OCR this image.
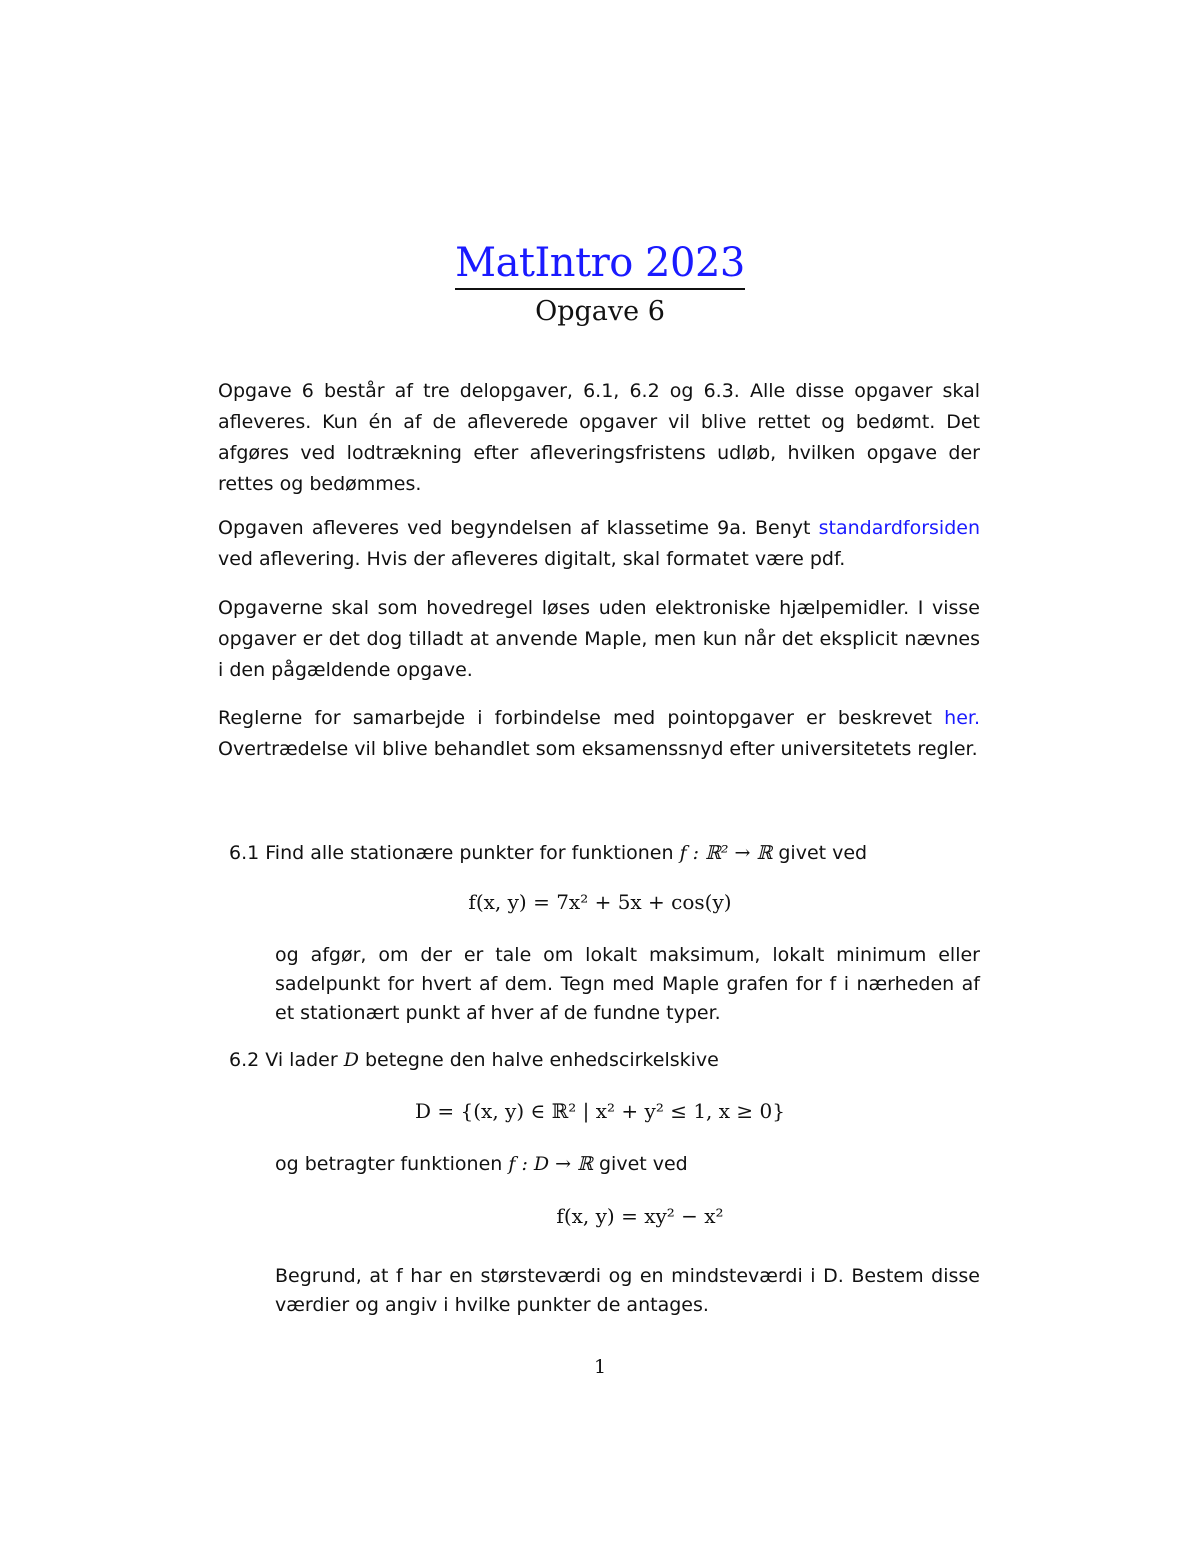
MatIntro 2023
Opgave 6

Opgave 6 består af tre delopgaver, 6.1, 6.2 og 6.3. Alle disse opgaver skal afleveres. Kun én af de afleverede opgaver vil blive rettet og bedømt. Det afgøres ved lodtrækning efter afleveringsfristens udløb, hvilken opgave der rettes og bedømmes.

Opgaven afleveres ved begyndelsen af klassetime 9a. Benyt standardforsiden ved aflevering. Hvis der afleveres digitalt, skal formatet være pdf.

Opgaverne skal som hovedregel løses uden elektroniske hjælpemidler. I visse opgaver er det dog tilladt at anvende Maple, men kun når det eksplicit nævnes i den pågældende opgave.

Reglerne for samarbejde i forbindelse med pointopgaver er beskrevet her. Overtrædelse vil blive behandlet som eksamenssnyd efter universitetets regler.

6.1 Find alle stationære punkter for funktionen f : ℝ² → ℝ givet ved

f(x, y) = 7x² + 5x + cos(y)

og afgør, om der er tale om lokalt maksimum, lokalt minimum eller sadelpunkt for hvert af dem. Tegn med Maple grafen for f i nærheden af et stationært punkt af hver af de fundne typer.

6.2 Vi lader D betegne den halve enhedscirkelskive

D = {(x, y) ∈ ℝ² | x² + y² ≤ 1, x ≥ 0}

og betragter funktionen f : D → ℝ givet ved

f(x, y) = xy² − x²

Begrund, at f har en størsteværdi og en mindsteværdi i D. Bestem disse værdier og angiv i hvilke punkter de antages.

1
